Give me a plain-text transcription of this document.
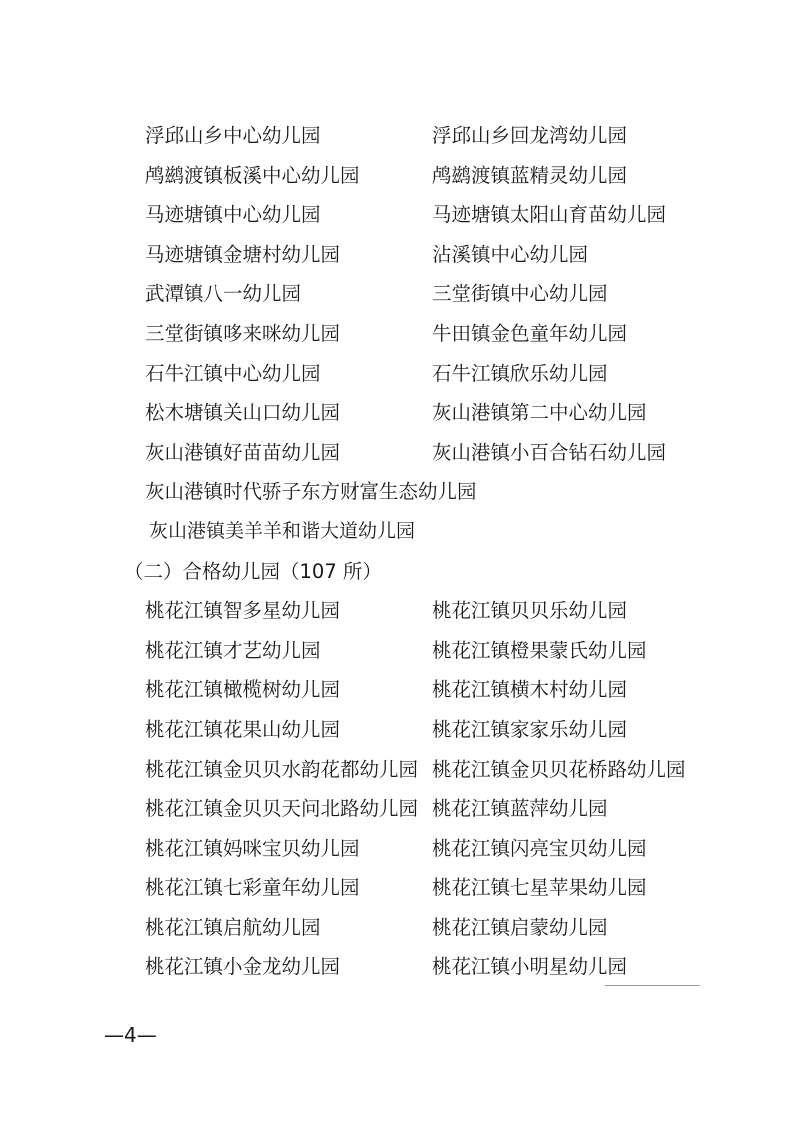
浮邱山乡中心幼儿园	浮邱山乡回龙湾幼儿园
鸬鹚渡镇板溪中心幼儿园	鸬鹚渡镇蓝精灵幼儿园
马迹塘镇中心幼儿园	马迹塘镇太阳山育苗幼儿园
马迹塘镇金塘村幼儿园	沾溪镇中心幼儿园
武潭镇八一幼儿园	三堂街镇中心幼儿园
三堂街镇哆来咪幼儿园	牛田镇金色童年幼儿园
石牛江镇中心幼儿园	石牛江镇欣乐幼儿园
松木塘镇关山口幼儿园	灰山港镇第二中心幼儿园
灰山港镇好苗苗幼儿园	灰山港镇小百合钻石幼儿园
灰山港镇时代骄子东方财富生态幼儿园
灰山港镇美羊羊和谐大道幼儿园
（二）合格幼儿园（107 所）
桃花江镇智多星幼儿园	桃花江镇贝贝乐幼儿园
桃花江镇才艺幼儿园	桃花江镇橙果蒙氏幼儿园
桃花江镇橄榄树幼儿园	桃花江镇横木村幼儿园
桃花江镇花果山幼儿园	桃花江镇家家乐幼儿园
桃花江镇金贝贝水韵花都幼儿园 桃花江镇金贝贝花桥路幼儿园
桃花江镇金贝贝天问北路幼儿园 桃花江镇蓝萍幼儿园
桃花江镇妈咪宝贝幼儿园	桃花江镇闪亮宝贝幼儿园
桃花江镇七彩童年幼儿园	桃花江镇七星苹果幼儿园
桃花江镇启航幼儿园	桃花江镇启蒙幼儿园
桃花江镇小金龙幼儿园	桃花江镇小明星幼儿园
—4—
